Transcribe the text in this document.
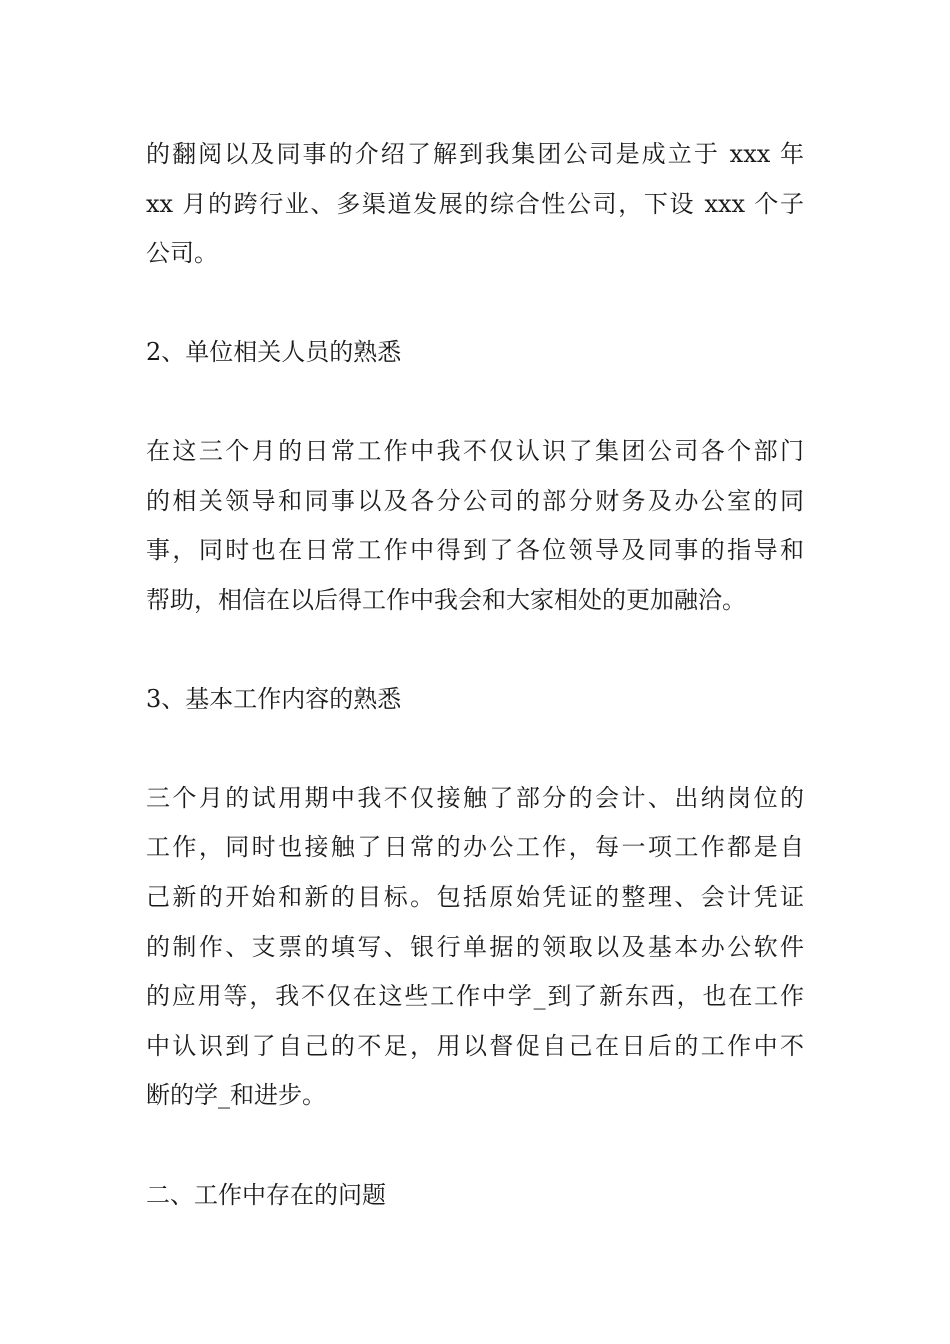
的翻阅以及同事的介绍了解到我集团公司是成立于 xxx 年
xx 月的跨行业、多渠道发展的综合性公司，下设 xxx 个子
公司。
2、单位相关人员的熟悉
在这三个月的日常工作中我不仅认识了集团公司各个部门
的相关领导和同事以及各分公司的部分财务及办公室的同
事，同时也在日常工作中得到了各位领导及同事的指导和
帮助，相信在以后得工作中我会和大家相处的更加融洽。
3、基本工作内容的熟悉
三个月的试用期中我不仅接触了部分的会计、出纳岗位的
工作，同时也接触了日常的办公工作，每一项工作都是自
己新的开始和新的目标。包括原始凭证的整理、会计凭证
的制作、支票的填写、银行单据的领取以及基本办公软件
的应用等，我不仅在这些工作中学_到了新东西，也在工作
中认识到了自己的不足，用以督促自己在日后的工作中不
断的学_和进步。
二、工作中存在的问题
